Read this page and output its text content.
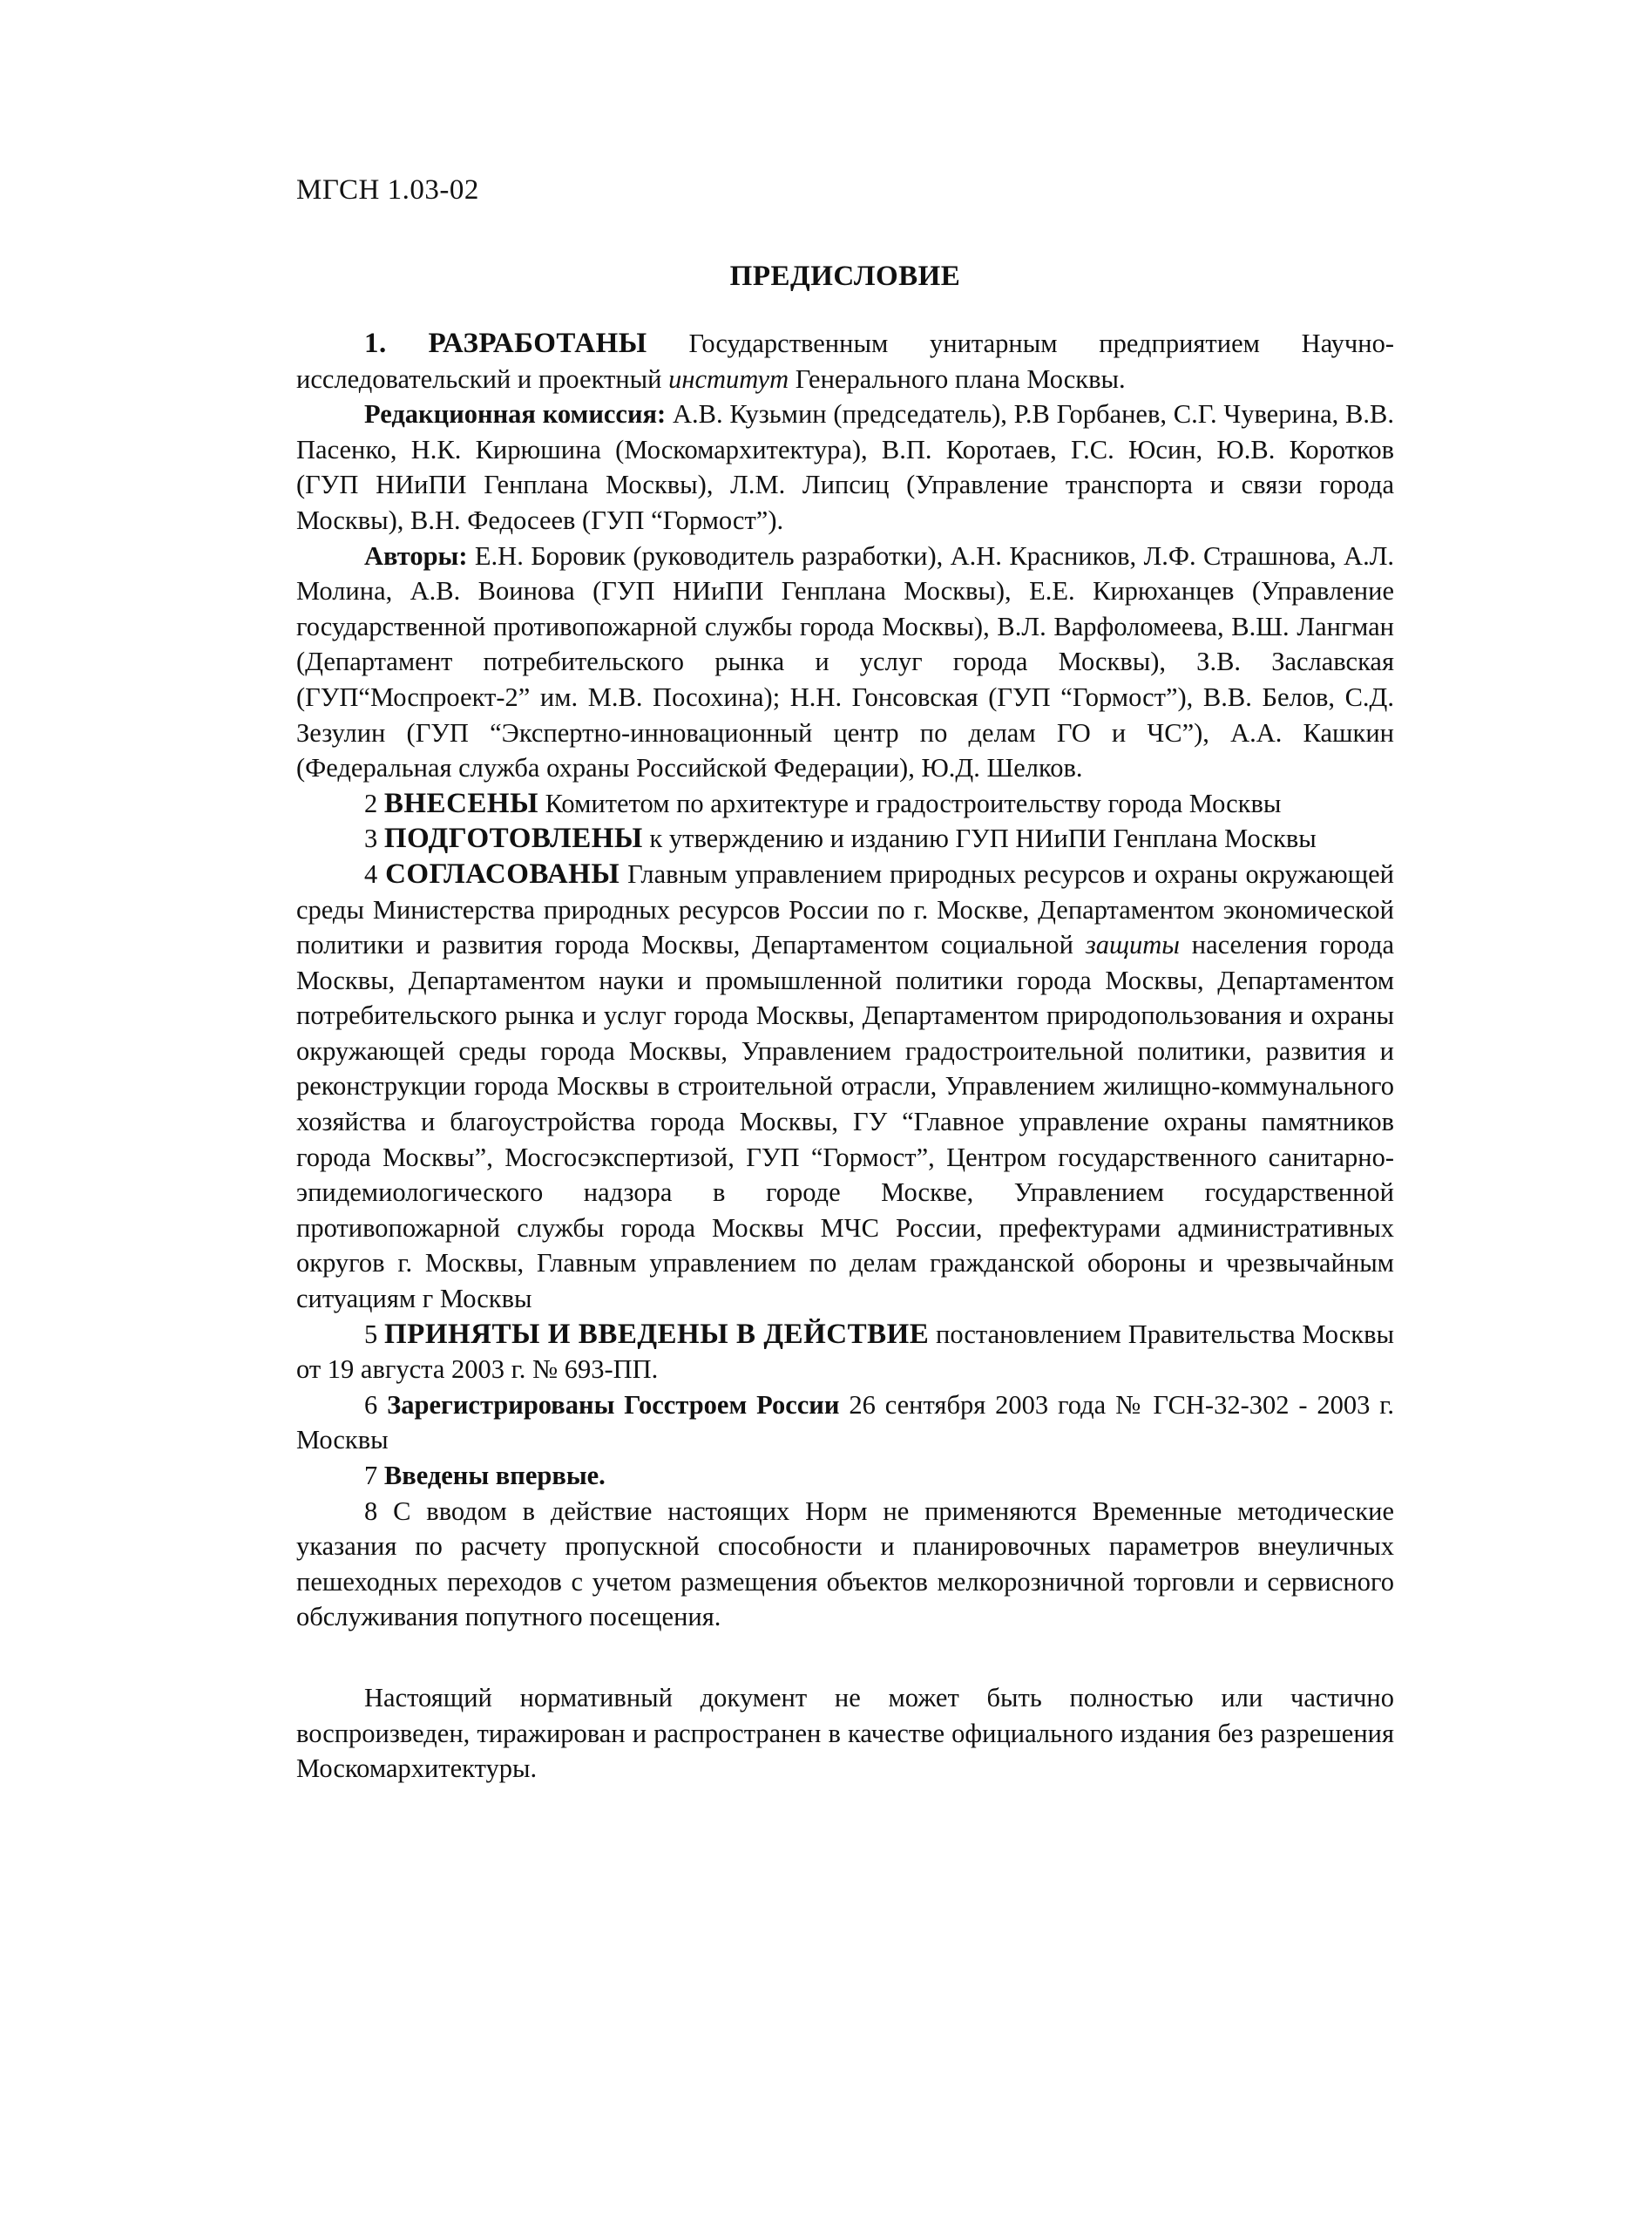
МГСН 1.03-02
ПРЕДИСЛОВИЕ

1. РАЗРАБОТАНЫ Государственным унитарным предприятием Научно-исследовательский и проектный институт Генерального плана Москвы.

Редакционная комиссия: А.В. Кузьмин (председатель), Р.В Горбанев, С.Г. Чуверина, В.В. Пасенко, Н.К. Кирюшина (Москомархитектура), В.П. Коротаев, Г.С. Юсин, Ю.В. Коротков (ГУП НИиПИ Генплана Москвы), Л.М. Липсиц (Управление транспорта и связи города Москвы), В.Н. Федосеев (ГУП “Гормост”).

Авторы: Е.Н. Боровик (руководитель разработки), А.Н. Красников, Л.Ф. Страшнова, А.Л. Молина, А.В. Воинова (ГУП НИиПИ Генплана Москвы), Е.Е. Кирюханцев (Управление государственной противопожарной службы города Москвы), В.Л. Варфоломеева, В.Ш. Лангман (Департамент потребительского рынка и услуг города Москвы), З.В. Заславская (ГУП“Моспроект-2” им. М.В. Посохина); Н.Н. Гонсовская (ГУП “Гормост”), В.В. Белов, С.Д. Зезулин (ГУП “Экспертно-инновационный центр по делам ГО и ЧС”), А.А. Кашкин (Федеральная служба охраны Российской Федерации), Ю.Д. Шелков.

2 ВНЕСЕНЫ Комитетом по архитектуре и градостроительству города Москвы

3 ПОДГОТОВЛЕНЫ к утверждению и изданию ГУП НИиПИ Генплана Москвы

4 СОГЛАСОВАНЫ Главным управлением природных ресурсов и охраны окружающей среды Министерства природных ресурсов России по г. Москве, Департаментом экономической политики и развития города Москвы, Департаментом социальной защиты населения города Москвы, Департаментом науки и промышленной политики города Москвы, Департаментом потребительского рынка и услуг города Москвы, Департаментом природопользования и охраны окружающей среды города Москвы, Управлением градостроительной политики, развития и реконструкции города Москвы в строительной отрасли, Управлением жилищно-коммунального хозяйства и благоустройства города Москвы, ГУ “Главное управление охраны памятников города Москвы”, Мосгосэкспертизой, ГУП “Гормост”, Центром государственного санитарно-эпидемиологического надзора в городе Москве, Управлением государственной противопожарной службы города Москвы МЧС России, префектурами административных округов г. Москвы, Главным управлением по делам гражданской обороны и чрезвычайным ситуациям г Москвы

5 ПРИНЯТЫ И ВВЕДЕНЫ В ДЕЙСТВИЕ постановлением Правительства Москвы от 19 августа 2003 г. № 693-ПП.

6 Зарегистрированы Госстроем России 26 сентября 2003 года № ГСН-32-302 - 2003 г. Москвы

7 Введены впервые.

8 С вводом в действие настоящих Норм не применяются Временные методические указания по расчету пропускной способности и планировочных параметров внеуличных пешеходных переходов с учетом размещения объектов мелкорозничной торговли и сервисного обслуживания попутного посещения.

Настоящий нормативный документ не может быть полностью или частично воспроизведен, тиражирован и распространен в качестве официального издания без разрешения Москомархитектуры.
